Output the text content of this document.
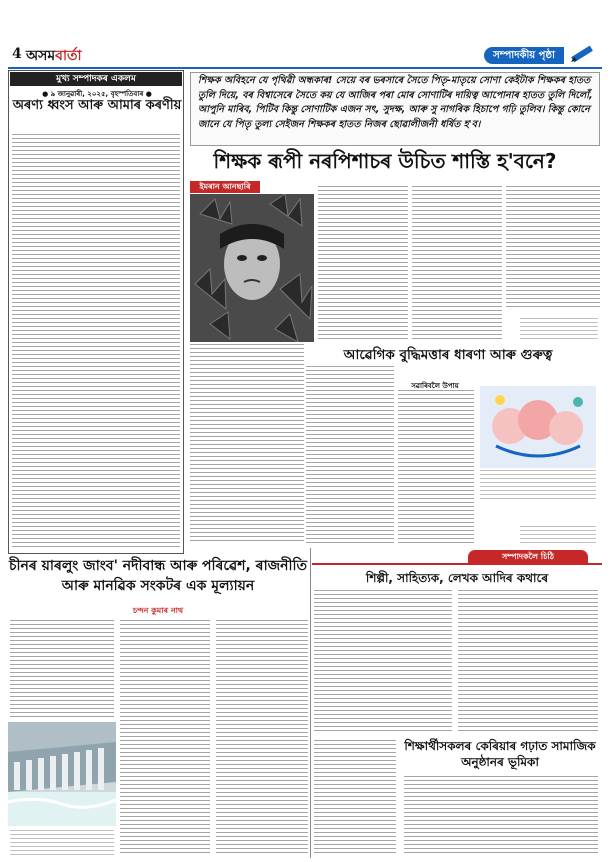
4 অসমবাৰ্তা	সম্পাদকীয় পৃষ্ঠা
মুখ্য সম্পাদকৰ একলম
● ৯ জানুৱাৰী, ২০২৫, বৃহস্পতিবাৰ ●
অৰণ্য ধ্বংস আৰু আমাৰ কৰণীয়
শিক্ষক অবিহনে যে পৃথিৱী অন্ধকাৰ! সেয়ে বৰ ভৰসাৰে সৈতে পিতৃ-মাতৃয়ে সোণা কেইটাক শিক্ষকৰ হাতত তুলি দিয়ে, বৰ বিশ্বাসেৰে সৈতে কয় যে আজিৰ পৰা মোৰ সোণাটিৰ দায়িত্ব আপোনাৰ হাতত তুলি দিলোঁ, আপুনি মাৰিব, পিটিব কিন্তু সোণাটিক এজন সৎ, সুদক্ষ, আৰু সু নাগৰিক হিচাপে গঢ়ি তুলিব। কিন্তু কোনে জানে যে পিতৃ তুল্য সেইজন শিক্ষকৰ হাতত নিজৰ ছোৱালীজনী ধৰ্ষিত হ'ব।
শিক্ষক ৰূপী নৰপিশাচৰ উচিত শাস্তি হ'বনে?
ইমৰান আনছাৰি
আৱেগিক বুদ্ধিমত্তাৰ ধাৰণা আৰু গুৰুত্ব
সৱাৰিবলৈ উপায়
সম্পাদকলৈ চিঠি
শিল্পী, সাহিত্যক, লেখক আদিৰ কথাৰে
শিক্ষাৰ্থীসকলৰ কেৰিয়াৰ গঢ়াত সামাজিক অনুষ্ঠানৰ ভূমিকা
চীনৰ য়াৰলুং জাংব' নদীবান্ধ আৰু পৰিৱেশ, ৰাজনীতি আৰু মানৱিক সংকটৰ এক মূল্যায়ন
চন্দন কুমাৰ নাথ
